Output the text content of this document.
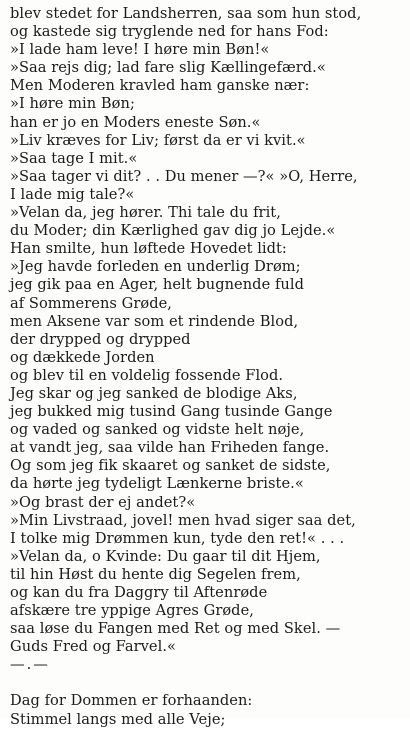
blev stedet for Landsherren, saa som hun stod,
og kastede sig tryglende ned for hans Fod:
»I lade ham leve! I høre min Bøn!«
»Saa rejs dig; lad fare slig Kællingefærd.«
Men Moderen kravled ham ganske nær:
»I høre min Bøn;
han er jo en Moders eneste Søn.«
»Liv kræves for Liv; først da er vi kvit.«
»Saa tage I mit.«
»Saa tager vi dit? . . Du mener —?« »O, Herre,
I lade mig tale?«
»Velan da, jeg hører. Thi tale du frit,
du Moder; din Kærlighed gav dig jo Lejde.«
Han smilte, hun løftede Hovedet lidt:
»Jeg havde forleden en underlig Drøm;
jeg gik paa en Ager, helt bugnende fuld
af Sommerens Grøde,
men Aksene var som et rindende Blod,
der drypped og drypped
og dækkede Jorden
og blev til en voldelig fossende Flod.
Jeg skar og jeg sanked de blodige Aks,
jeg bukked mig tusind Gang tusinde Gange
og vaded og sanked og vidste helt nøje,
at vandt jeg, saa vilde han Friheden fange.
Og som jeg fik skaaret og sanket de sidste,
da hørte jeg tydeligt Lænkerne briste.«
»Og brast der ej andet?«
»Min Livstraad, jovel! men hvad siger saa det,
I tolke mig Drømmen kun, tyde den ret!« . . .
»Velan da, o Kvinde: Du gaar til dit Hjem,
til hin Høst du hente dig Segelen frem,
og kan du fra Daggry til Aftenrøde
afskære tre yppige Agres Grøde,
saa løse du Fangen med Ret og med Skel. —
Guds Fred og Farvel.«
—.—
Dag for Dommen er forhaanden:
Stimmel langs med alle Veje;
